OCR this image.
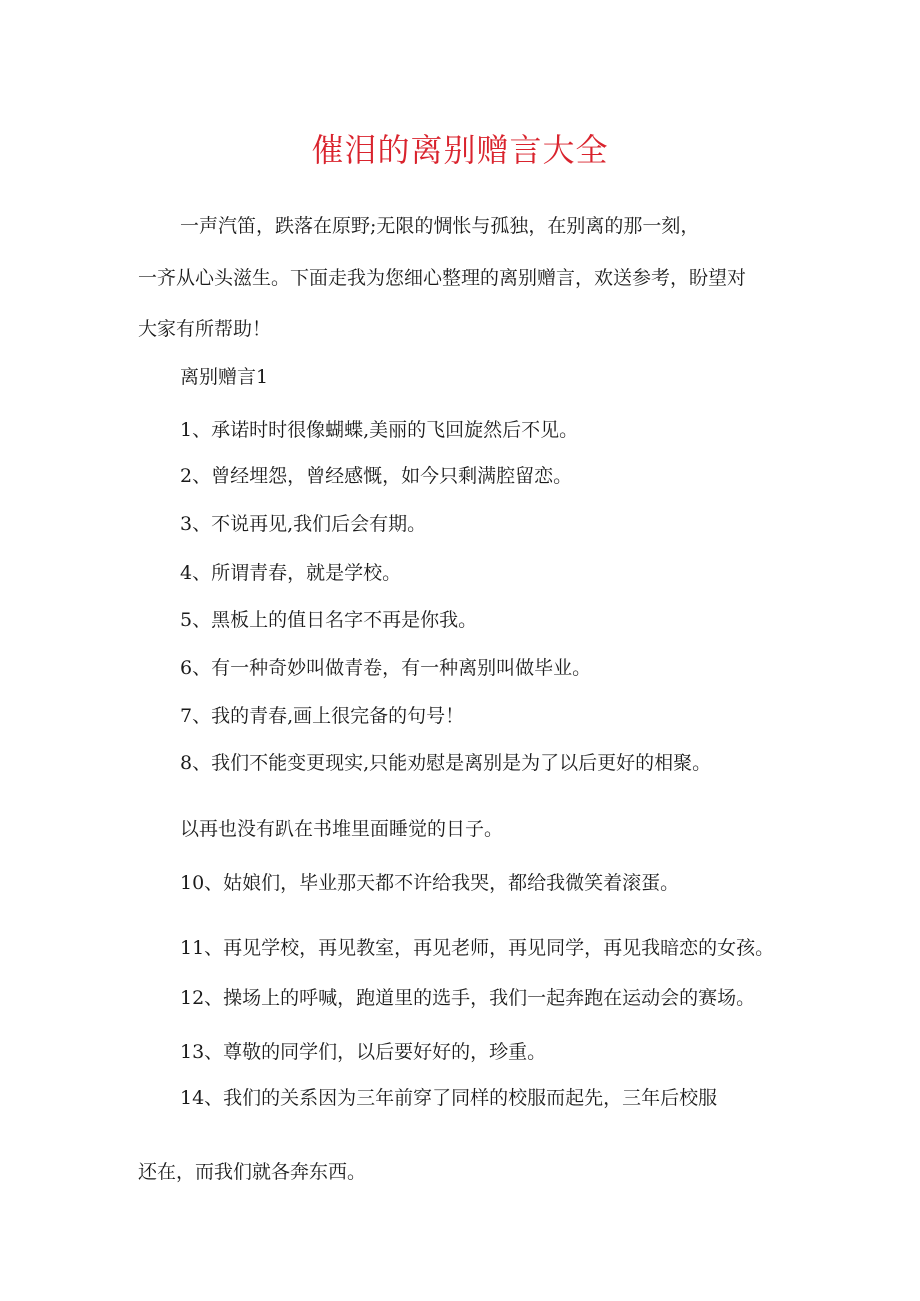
催泪的离别赠言大全

一声汽笛，跌落在原野;无限的惆怅与孤独，在别离的那一刻，

一齐从心头滋生。下面走我为您细心整理的离别赠言，欢送参考，盼望对

大家有所帮助！

离别赠言1

1、承诺时时很像蝴蝶,美丽的飞回旋然后不见。

2、曾经埋怨，曾经感慨，如今只剩满腔留恋。

3、不说再见,我们后会有期。

4、所谓青春，就是学校。

5、黑板上的值日名字不再是你我。

6、有一种奇妙叫做青卷，有一种离别叫做毕业。

7、我的青春,画上很完备的句号！

8、我们不能变更现实,只能劝慰是离别是为了以后更好的相聚。

以再也没有趴在书堆里面睡觉的日子。

10、姑娘们，毕业那天都不许给我哭，都给我微笑着滚蛋。

11、再见学校，再见教室，再见老师，再见同学，再见我暗恋的女孩。

12、操场上的呼喊，跑道里的选手，我们一起奔跑在运动会的赛场。

13、尊敬的同学们，以后要好好的，珍重。

14、我们的关系因为三年前穿了同样的校服而起先，三年后校服

还在，而我们就各奔东西。
